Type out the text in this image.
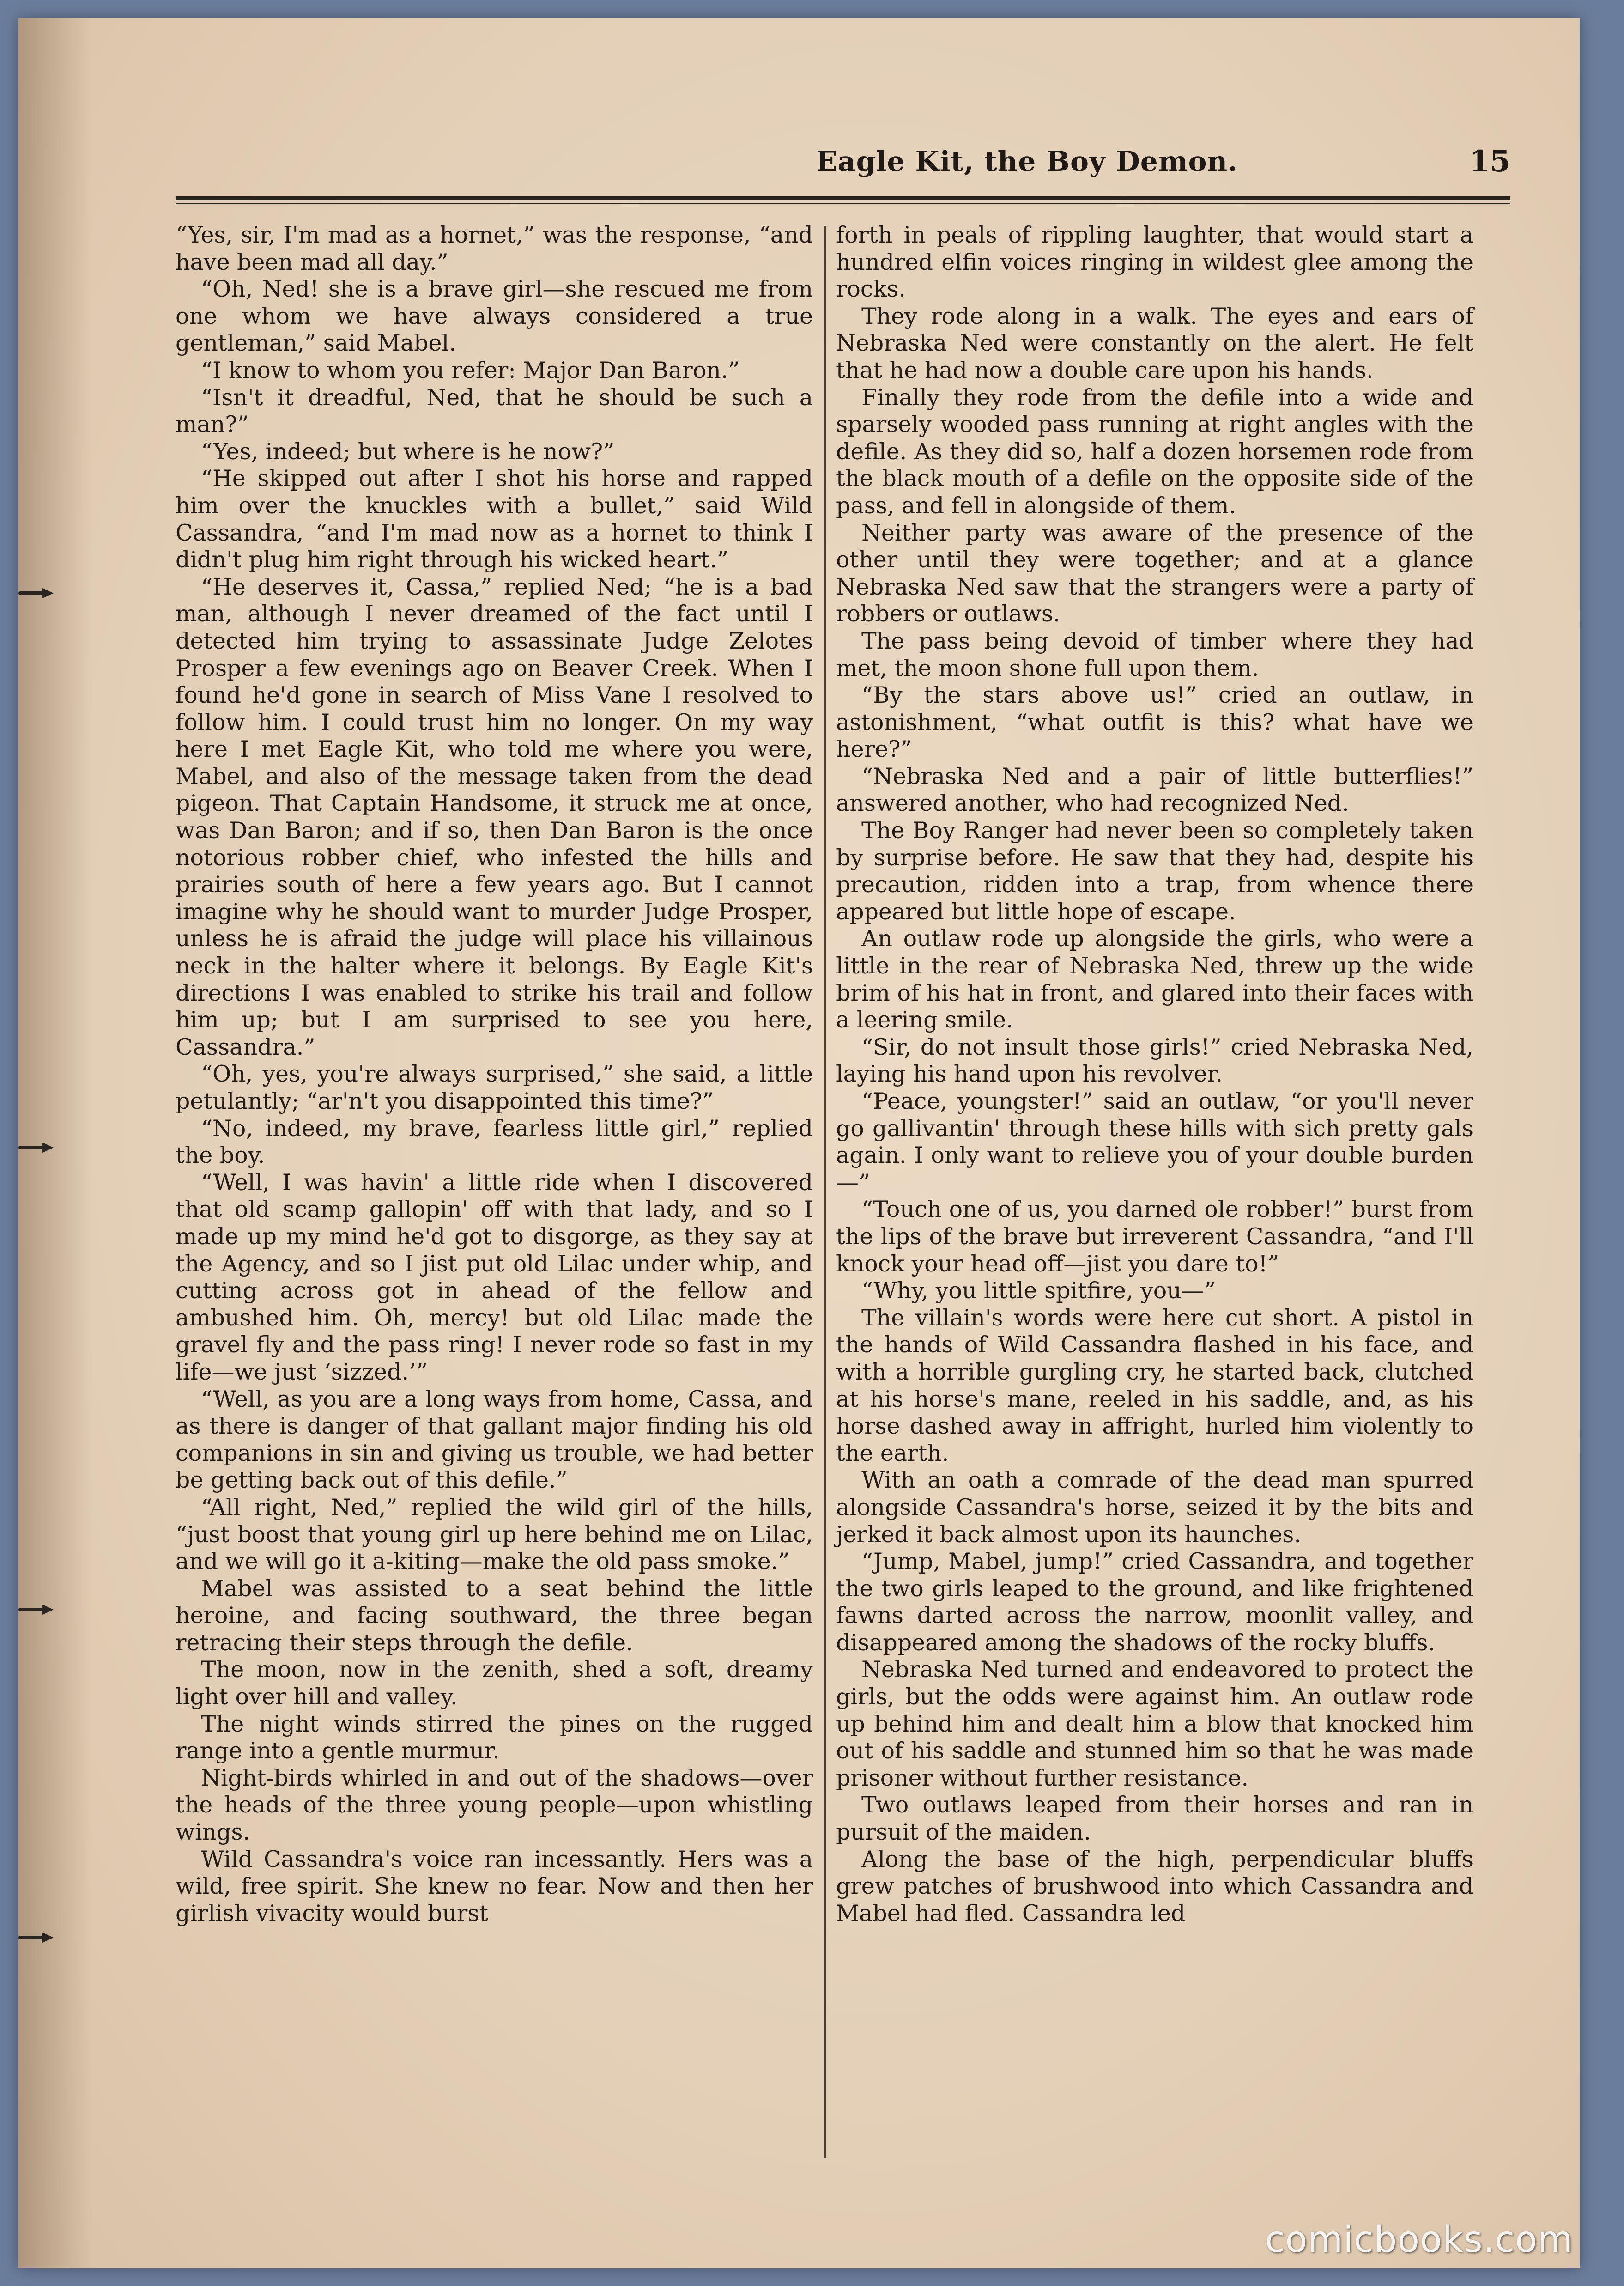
Eagle Kit, the Boy Demon.	15

“Yes, sir, I'm mad as a hornet,” was the response, “and have been mad all day.”

“Oh, Ned! she is a brave girl—she rescued me from one whom we have always considered a true gentleman,” said Mabel.

“I know to whom you refer: Major Dan Baron.”

“Isn't it dreadful, Ned, that he should be such a man?”

“Yes, indeed; but where is he now?”

“He skipped out after I shot his horse and rapped him over the knuckles with a bullet,” said Wild Cassandra, “and I'm mad now as a hornet to think I didn't plug him right through his wicked heart.”

“He deserves it, Cassa,” replied Ned; “he is a bad man, although I never dreamed of the fact until I detected him trying to assassinate Judge Zelotes Prosper a few evenings ago on Beaver Creek. When I found he'd gone in search of Miss Vane I resolved to follow him. I could trust him no longer. On my way here I met Eagle Kit, who told me where you were, Mabel, and also of the message taken from the dead pigeon. That Captain Handsome, it struck me at once, was Dan Baron; and if so, then Dan Baron is the once notorious robber chief, who infested the hills and prairies south of here a few years ago. But I cannot imagine why he should want to murder Judge Prosper, unless he is afraid the judge will place his villainous neck in the halter where it belongs. By Eagle Kit's directions I was enabled to strike his trail and follow him up; but I am surprised to see you here, Cassandra.”

“Oh, yes, you're always surprised,” she said, a little petulantly; “ar'n't you disappointed this time?”

“No, indeed, my brave, fearless little girl,” replied the boy.

“Well, I was havin' a little ride when I discovered that old scamp gallopin' off with that lady, and so I made up my mind he'd got to disgorge, as they say at the Agency, and so I jist put old Lilac under whip, and cutting across got in ahead of the fellow and ambushed him. Oh, mercy! but old Lilac made the gravel fly and the pass ring! I never rode so fast in my life—we just ‘sizzed.’”

“Well, as you are a long ways from home, Cassa, and as there is danger of that gallant major finding his old companions in sin and giving us trouble, we had better be getting back out of this defile.”

“All right, Ned,” replied the wild girl of the hills, “just boost that young girl up here behind me on Lilac, and we will go it a-kiting—make the old pass smoke.”

Mabel was assisted to a seat behind the little heroine, and facing southward, the three began retracing their steps through the defile.

The moon, now in the zenith, shed a soft, dreamy light over hill and valley.

The night winds stirred the pines on the rugged range into a gentle murmur.

Night-birds whirled in and out of the shadows—over the heads of the three young people—upon whistling wings.

Wild Cassandra's voice ran incessantly. Hers was a wild, free spirit. She knew no fear. Now and then her girlish vivacity would burst

forth in peals of rippling laughter, that would start a hundred elfin voices ringing in wildest glee among the rocks.

They rode along in a walk. The eyes and ears of Nebraska Ned were constantly on the alert. He felt that he had now a double care upon his hands.

Finally they rode from the defile into a wide and sparsely wooded pass running at right angles with the defile. As they did so, half a dozen horsemen rode from the black mouth of a defile on the opposite side of the pass, and fell in alongside of them.

Neither party was aware of the presence of the other until they were together; and at a glance Nebraska Ned saw that the strangers were a party of robbers or outlaws.

The pass being devoid of timber where they had met, the moon shone full upon them.

“By the stars above us!” cried an outlaw, in astonishment, “what outfit is this? what have we here?”

“Nebraska Ned and a pair of little butterflies!” answered another, who had recognized Ned.

The Boy Ranger had never been so completely taken by surprise before. He saw that they had, despite his precaution, ridden into a trap, from whence there appeared but little hope of escape.

An outlaw rode up alongside the girls, who were a little in the rear of Nebraska Ned, threw up the wide brim of his hat in front, and glared into their faces with a leering smile.

“Sir, do not insult those girls!” cried Nebraska Ned, laying his hand upon his revolver.

“Peace, youngster!” said an outlaw, “or you'll never go gallivantin' through these hills with sich pretty gals again. I only want to relieve you of your double burden—”

“Touch one of us, you darned ole robber!” burst from the lips of the brave but irreverent Cassandra, “and I'll knock your head off—jist you dare to!”

“Why, you little spitfire, you—”

The villain's words were here cut short. A pistol in the hands of Wild Cassandra flashed in his face, and with a horrible gurgling cry, he started back, clutched at his horse's mane, reeled in his saddle, and, as his horse dashed away in affright, hurled him violently to the earth.

With an oath a comrade of the dead man spurred alongside Cassandra's horse, seized it by the bits and jerked it back almost upon its haunches.

“Jump, Mabel, jump!” cried Cassandra, and together the two girls leaped to the ground, and like frightened fawns darted across the narrow, moonlit valley, and disappeared among the shadows of the rocky bluffs.

Nebraska Ned turned and endeavored to protect the girls, but the odds were against him. An outlaw rode up behind him and dealt him a blow that knocked him out of his saddle and stunned him so that he was made prisoner without further resistance.

Two outlaws leaped from their horses and ran in pursuit of the maiden.

Along the base of the high, perpendicular bluffs grew patches of brushwood into which Cassandra and Mabel had fled. Cassandra led

comicbooks.com
